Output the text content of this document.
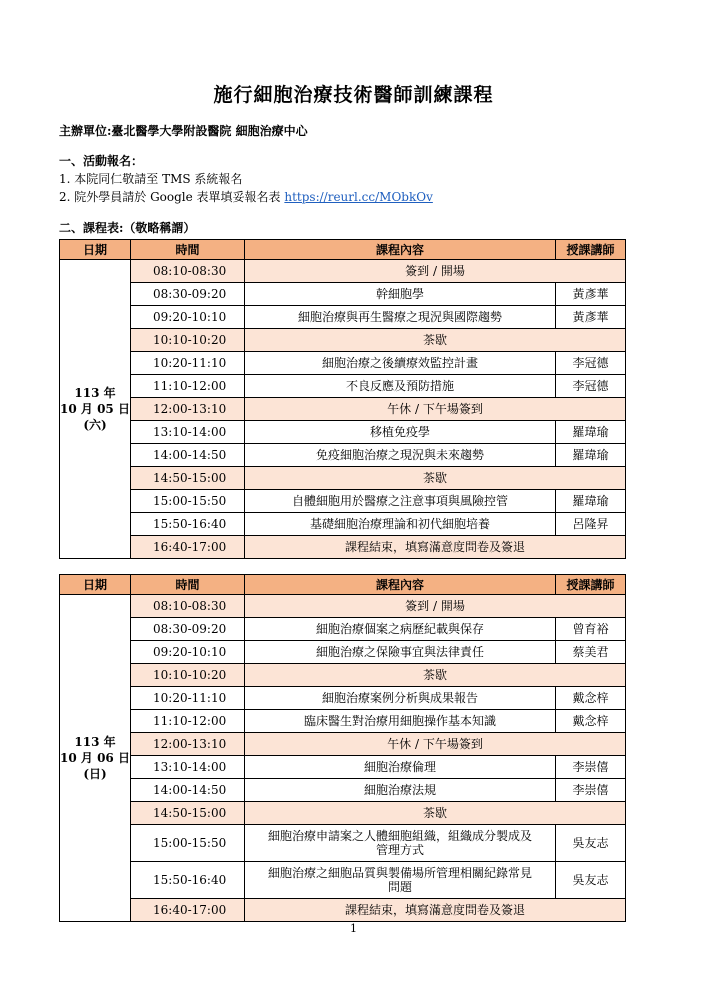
施行細胞治療技術醫師訓練課程
主辦單位:臺北醫學大學附設醫院 細胞治療中心
一、活動報名：
1. 本院同仁敬請至 TMS 系統報名
2. 院外學員請於 Google 表單填妥報名表 https://reurl.cc/MObkOv
二、課程表:（敬略稱謂）
日期	時間	課程內容	授課講師

113 年
10 月 05 日
(六)	08:10-08:30	簽到 / 開場	
	08:30-09:20	幹細胞學	黃彥華
	09:20-10:10	細胞治療與再生醫療之現況與國際趨勢	黃彥華
	10:10-10:20	茶歇	
	10:20-11:10	細胞治療之後續療效監控計畫	李冠德
	11:10-12:00	不良反應及預防措施	李冠德
	12:00-13:10	午休 / 下午場簽到	
	13:10-14:00	移植免疫學	羅瑋瑜
	14:00-14:50	免疫細胞治療之現況與未來趨勢	羅瑋瑜
	14:50-15:00	茶歇	
	15:00-15:50	自體細胞用於醫療之注意事項與風險控管	羅瑋瑜
	15:50-16:40	基礎細胞治療理論和初代細胞培養	呂隆昇
	16:40-17:00	課程結束，填寫滿意度問卷及簽退	
日期	時間	課程內容	授課講師

113 年
10 月 06 日
(日)	08:10-08:30	簽到 / 開場	
	08:30-09:20	細胞治療個案之病歷紀載與保存	曾育裕
	09:20-10:10	細胞治療之保險事宜與法律責任	蔡美君
	10:10-10:20	茶歇	
	10:20-11:10	細胞治療案例分析與成果報告	戴念梓
	11:10-12:00	臨床醫生對治療用細胞操作基本知識	戴念梓
	12:00-13:10	午休 / 下午場簽到	
	13:10-14:00	細胞治療倫理	李崇僖
	14:00-14:50	細胞治療法規	李崇僖
	14:50-15:00	茶歇	
	15:00-15:50	細胞治療申請案之人體細胞組織，組織成分製成及管理方式	吳友志
	15:50-16:40	細胞治療之細胞品質與製備場所管理相關紀錄常見問題	吳友志
	16:40-17:00	課程結束，填寫滿意度問卷及簽退	
1
